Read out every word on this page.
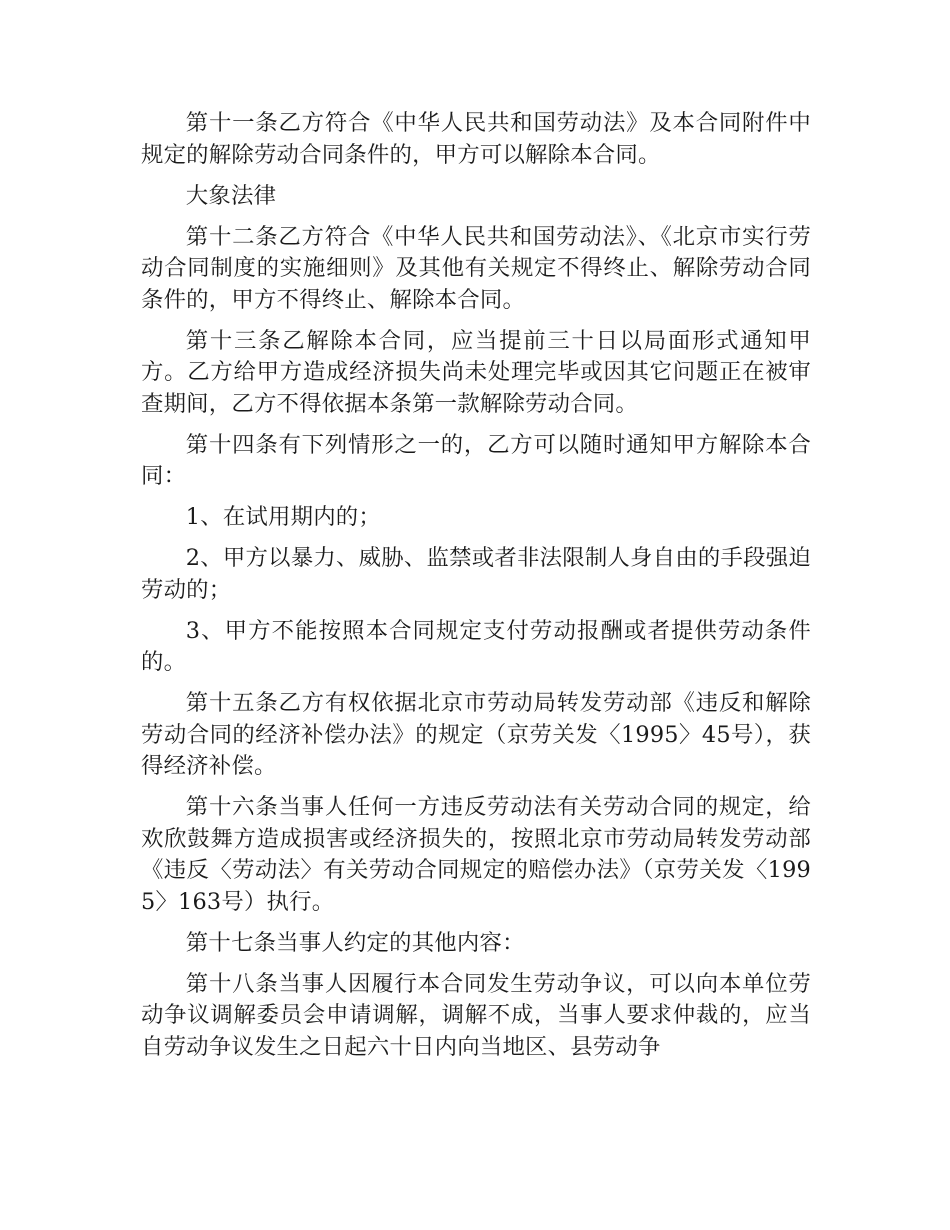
第十一条乙方符合《中华人民共和国劳动法》及本合同附件中规定的解除劳动合同条件的，甲方可以解除本合同。

大象法律

第十二条乙方符合《中华人民共和国劳动法》、《北京市实行劳动合同制度的实施细则》及其他有关规定不得终止、解除劳动合同条件的，甲方不得终止、解除本合同。

第十三条乙解除本合同，应当提前三十日以局面形式通知甲方。乙方给甲方造成经济损失尚未处理完毕或因其它问题正在被审查期间，乙方不得依据本条第一款解除劳动合同。

第十四条有下列情形之一的，乙方可以随时通知甲方解除本合同：

1、在试用期内的；

2、甲方以暴力、威胁、监禁或者非法限制人身自由的手段强迫劳动的；

3、甲方不能按照本合同规定支付劳动报酬或者提供劳动条件的。

第十五条乙方有权依据北京市劳动局转发劳动部《违反和解除劳动合同的经济补偿办法》的规定（京劳关发〈1995〉45号），获得经济补偿。

第十六条当事人任何一方违反劳动法有关劳动合同的规定，给欢欣鼓舞方造成损害或经济损失的，按照北京市劳动局转发劳动部《违反〈劳动法〉有关劳动合同规定的赔偿办法》（京劳关发〈1995〉163号）执行。

第十七条当事人约定的其他内容：

第十八条当事人因履行本合同发生劳动争议，可以向本单位劳动争议调解委员会申请调解，调解不成，当事人要求仲裁的，应当自劳动争议发生之日起六十日内向当地区、县劳动争
